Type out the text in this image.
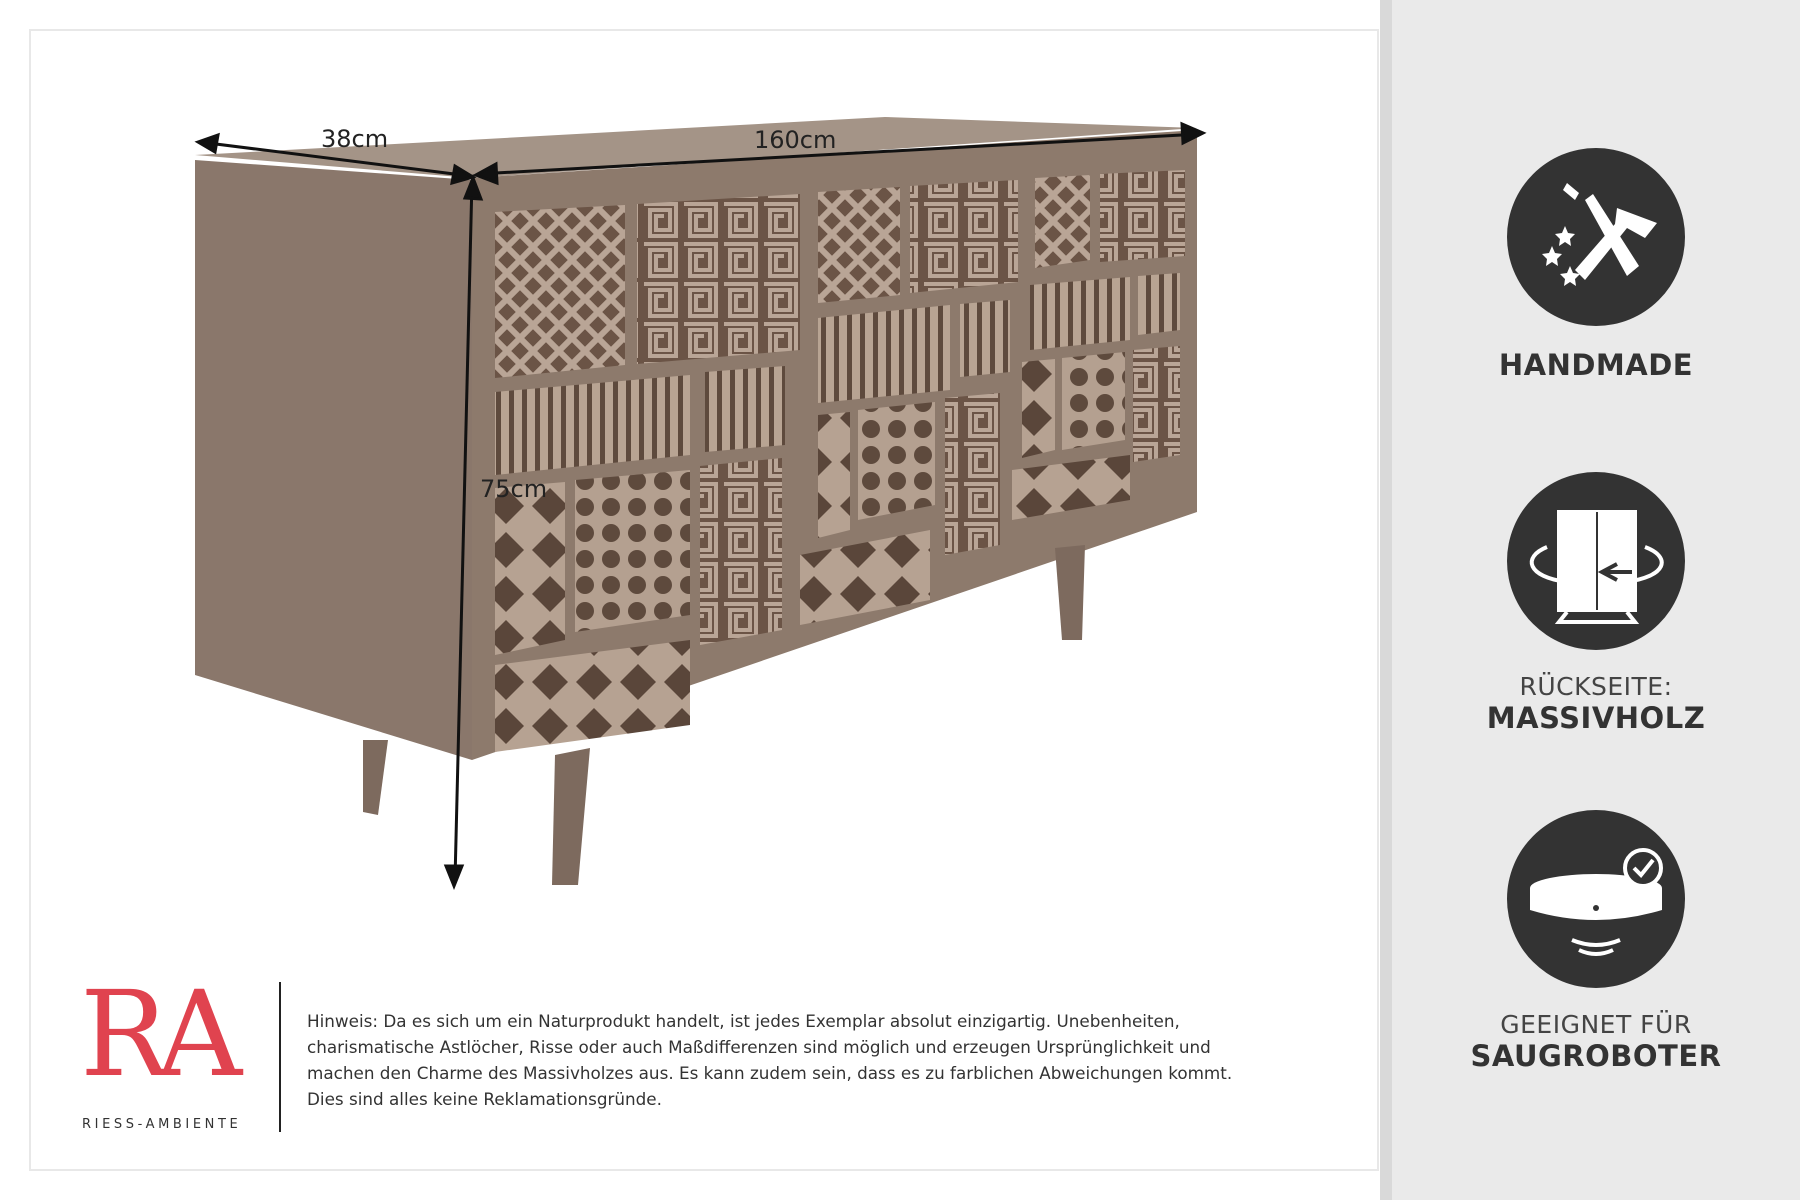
38cm	160cm
75cm
HANDMADE
RÜCKSEITE:
MASSIVHOLZ
GEEIGNET FÜR
SAUGROBOTER
RA
RIESS-AMBIENTE
Hinweis: Da es sich um ein Naturprodukt handelt, ist jedes Exemplar absolut einzigartig. Unebenheiten, charismatische Astlöcher, Risse oder auch Maßdifferenzen sind möglich und erzeugen Ursprünglichkeit und machen den Charme des Massivholzes aus. Es kann zudem sein, dass es zu farblichen Abweichungen kommt. Dies sind alles keine Reklamationsgründe.
